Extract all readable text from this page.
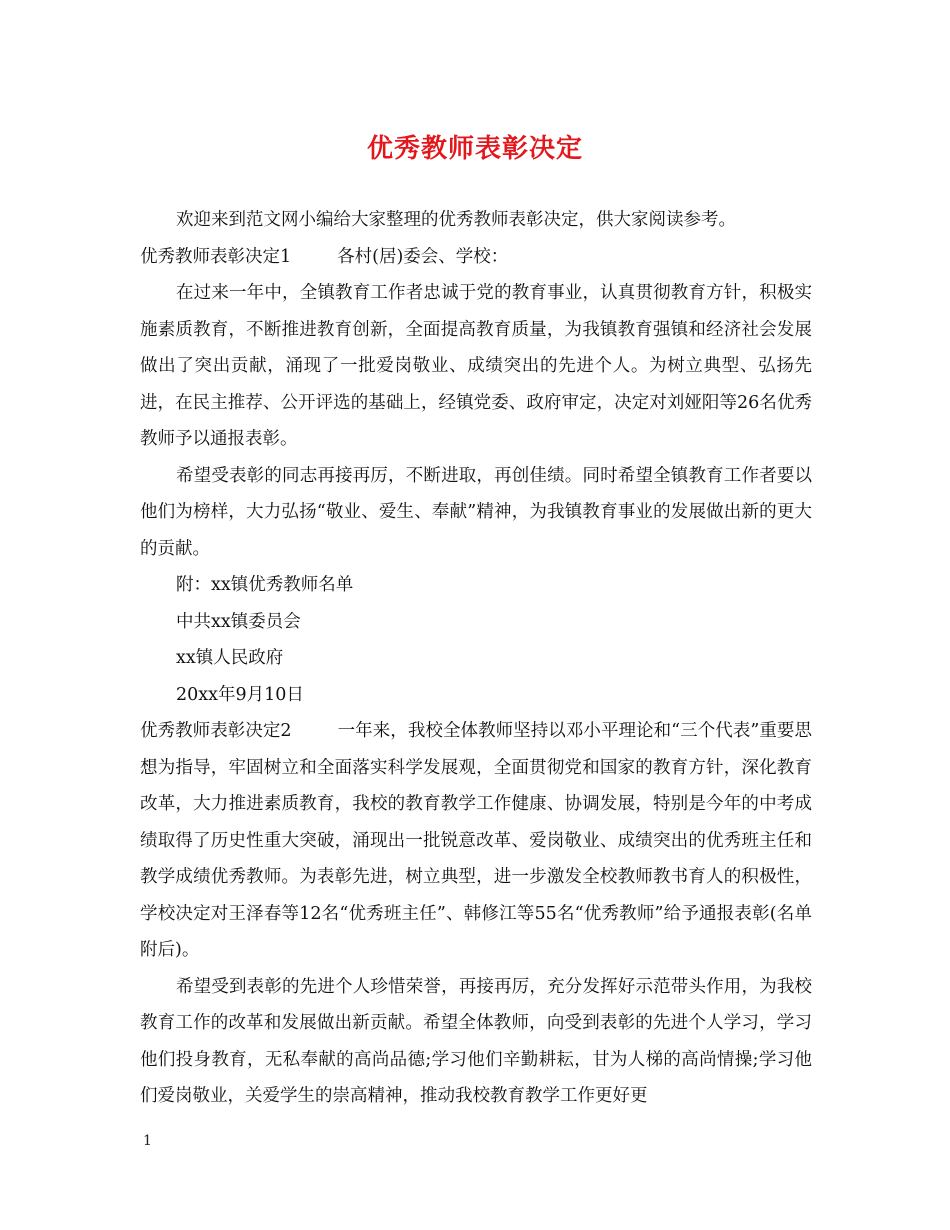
优秀教师表彰决定

欢迎来到范文网小编给大家整理的优秀教师表彰决定，供大家阅读参考。

优秀教师表彰决定1	各村(居)委会、学校：

在过来一年中，全镇教育工作者忠诚于党的教育事业，认真贯彻教育方针，积极实施素质教育，不断推进教育创新，全面提高教育质量，为我镇教育强镇和经济社会发展做出了突出贡献，涌现了一批爱岗敬业、成绩突出的先进个人。为树立典型、弘扬先进，在民主推荐、公开评选的基础上，经镇党委、政府审定，决定对刘娅阳等26名优秀教师予以通报表彰。

希望受表彰的同志再接再厉，不断进取，再创佳绩。同时希望全镇教育工作者要以他们为榜样，大力弘扬“敬业、爱生、奉献”精神，为我镇教育事业的发展做出新的更大的贡献。

附：xx镇优秀教师名单

中共xx镇委员会

xx镇人民政府

20xx年9月10日

优秀教师表彰决定2	一年来，我校全体教师坚持以邓小平理论和“三个代表”重要思想为指导，牢固树立和全面落实科学发展观，全面贯彻党和国家的教育方针，深化教育改革，大力推进素质教育，我校的教育教学工作健康、协调发展，特别是今年的中考成绩取得了历史性重大突破，涌现出一批锐意改革、爱岗敬业、成绩突出的优秀班主任和教学成绩优秀教师。为表彰先进，树立典型，进一步激发全校教师教书育人的积极性，学校决定对王泽春等12名“优秀班主任”、韩修江等55名“优秀教师”给予通报表彰(名单附后)。

希望受到表彰的先进个人珍惜荣誉，再接再厉，充分发挥好示范带头作用，为我校教育工作的改革和发展做出新贡献。希望全体教师，向受到表彰的先进个人学习，学习他们投身教育，无私奉献的高尚品德;学习他们辛勤耕耘，甘为人梯的高尚情操;学习他们爱岗敬业，关爱学生的崇高精神，推动我校教育教学工作更好更

1
